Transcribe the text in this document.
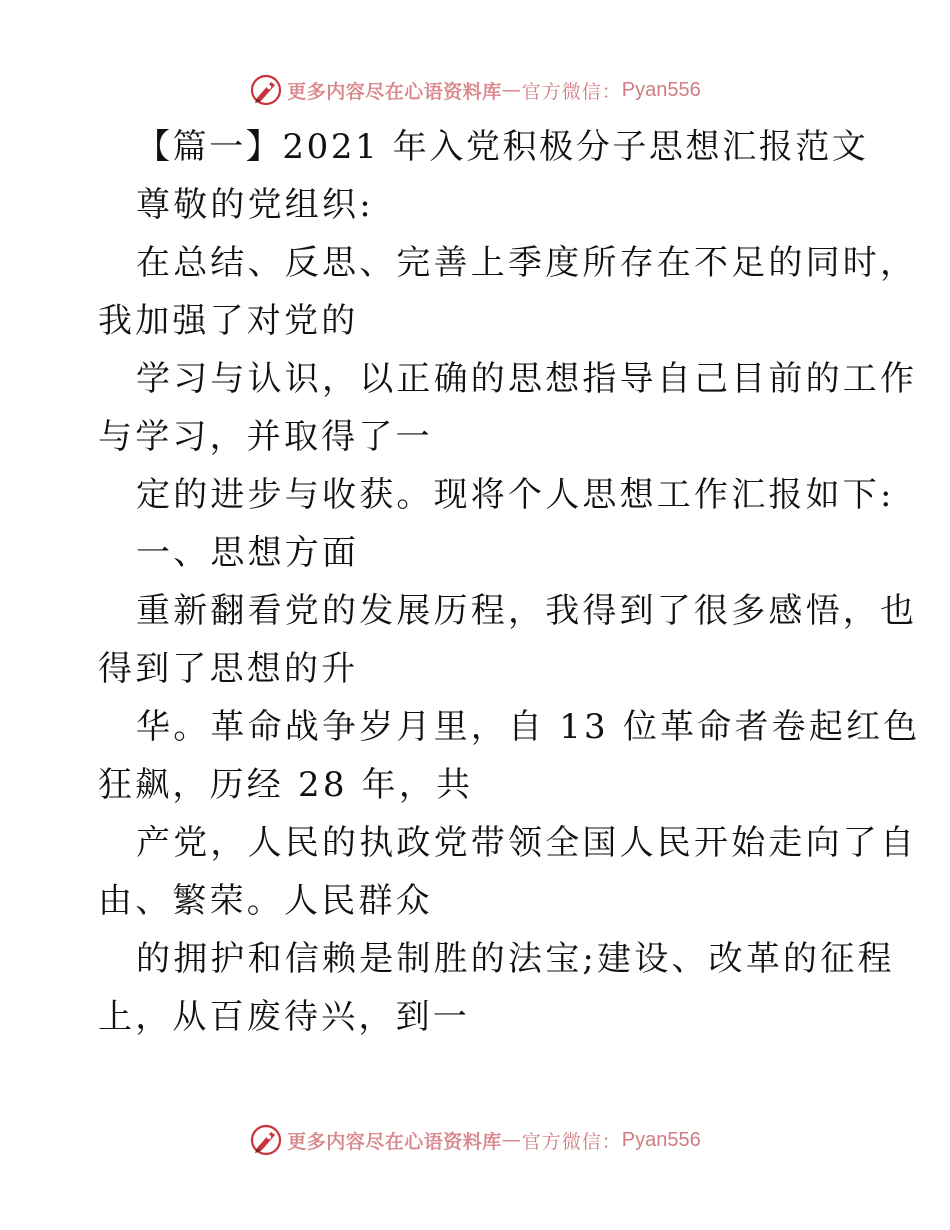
更多内容尽在心语资料库 — 官方微信： Pyan556
【篇一】2021 年入党积极分子思想汇报范文
尊敬的党组织:
在总结、反思、完善上季度所存在不足的同时，
我加强了对党的
学习与认识，以正确的思想指导自己目前的工作
与学习，并取得了一
定的进步与收获。现将个人思想工作汇报如下:
一、思想方面
重新翻看党的发展历程，我得到了很多感悟，也
得到了思想的升
华。革命战争岁月里，自 13 位革命者卷起红色
狂飙，历经 28 年，共
产党，人民的执政党带领全国人民开始走向了自
由、繁荣。人民群众
的拥护和信赖是制胜的法宝;建设、改革的征程
上，从百废待兴，到一
更多内容尽在心语资料库 — 官方微信： Pyan556
